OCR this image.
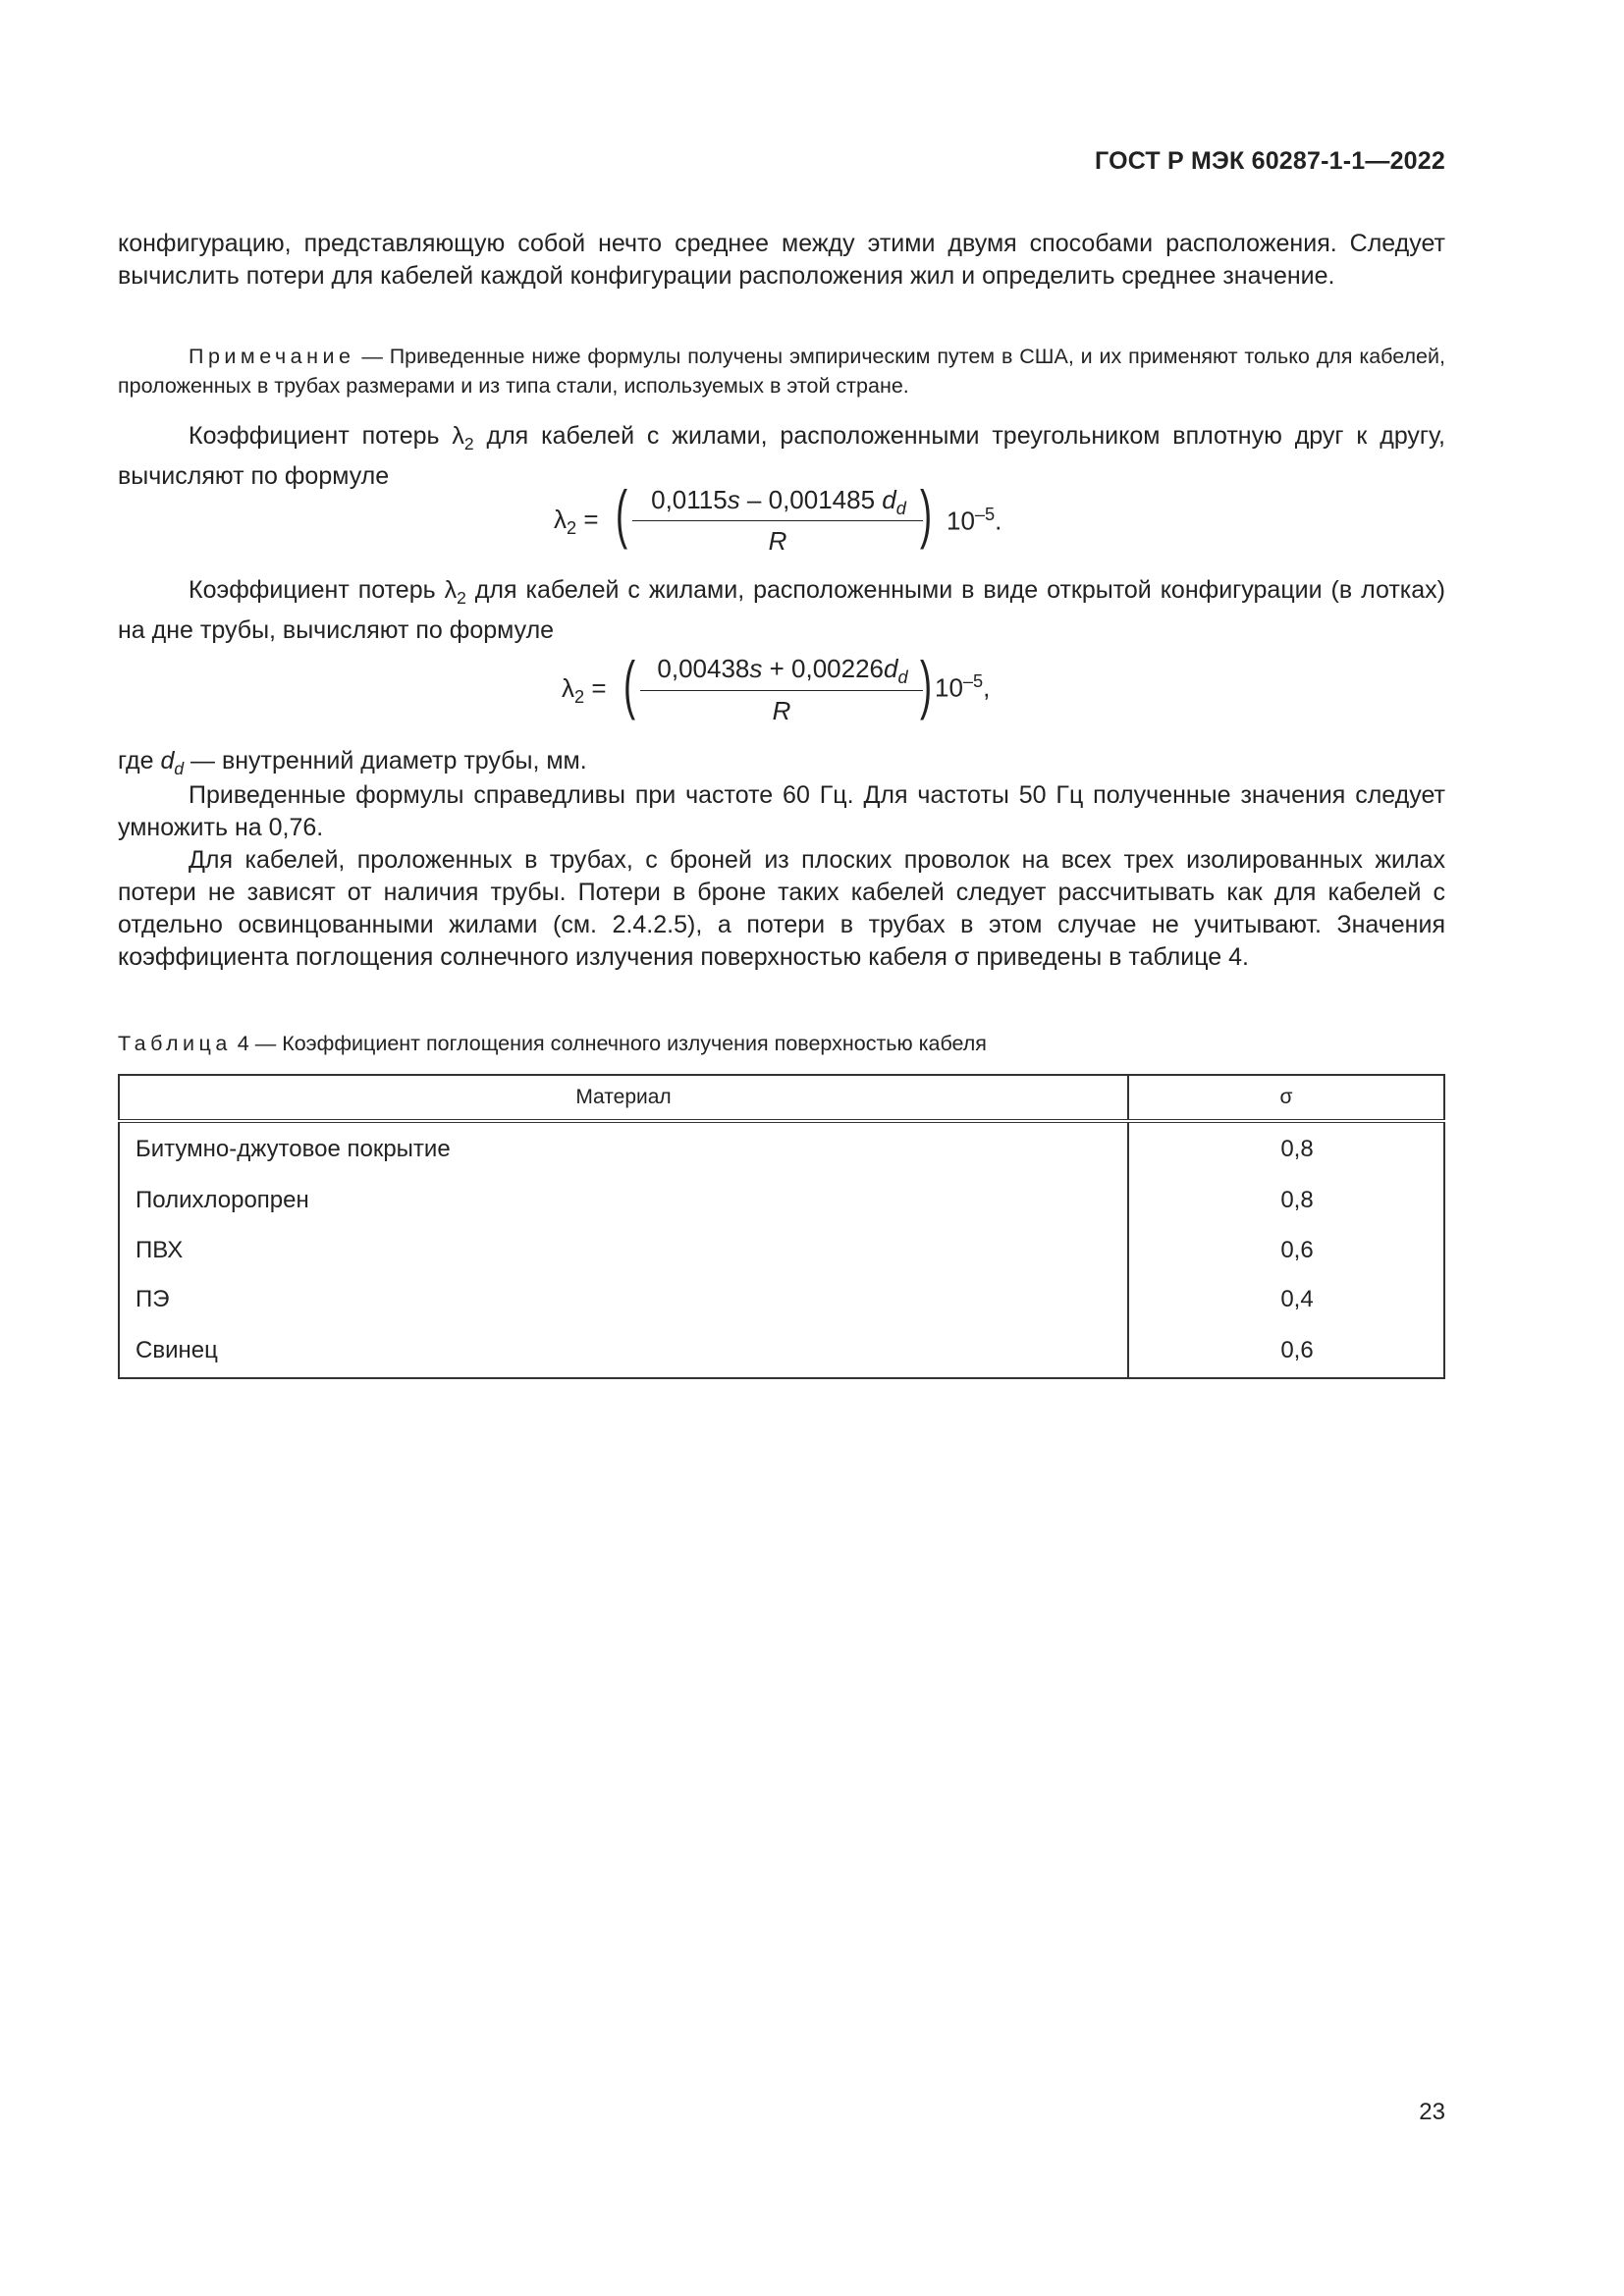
ГОСТ Р МЭК 60287-1-1—2022

конфигурацию, представляющую собой нечто среднее между этими двумя способами расположения. Следует вычислить потери для кабелей каждой конфигурации расположения жил и определить среднее значение.

Примечание — Приведенные ниже формулы получены эмпирическим путем в США, и их применяют только для кабелей, проложенных в трубах размерами и из типа стали, используемых в этой стране.

Коэффициент потерь $\lambda_2$ для кабелей с жилами, расположенными треугольником вплотную друг к другу, вычисляют по формуле

$\lambda_2$ = ( 0,0115s – 0,001485 $d_d$
R	) $10^{-5}$.

Коэффициент потерь $\lambda_2$ для кабелей с жилами, расположенными в виде открытой конфигурации (в лотках) на дне трубы, вычисляют по формуле

$\lambda_2$ = ( $0,00438s + 0,00226d_d$
R	) $10^{-5}$,

где $d_d$ — внутренний диаметр трубы, мм.

Приведенные формулы справедливы при частоте 60 Гц. Для частоты 50 Гц полученные значения следует умножить на 0,76.

Для кабелей, проложенных в трубах, с броней из плоских проволок на всех трех изолированных жилах потери не зависят от наличия трубы. Потери в броне таких кабелей следует рассчитывать как для кабелей с отдельно освинцованными жилами (см. 2.4.2.5), а потери в трубах в этом случае не учитывают. Значения коэффициента поглощения солнечного излучения поверхностью кабеля σ приведены в таблице 4.

Таблица 4 — Коэффициент поглощения солнечного излучения поверхностью кабеля
Материал	σ
Битумно-джутовое покрытие	0,8
Полихлоропрен	0,8
ПВХ	0,6
ПЭ	0,4
Свинец	0,6
23
